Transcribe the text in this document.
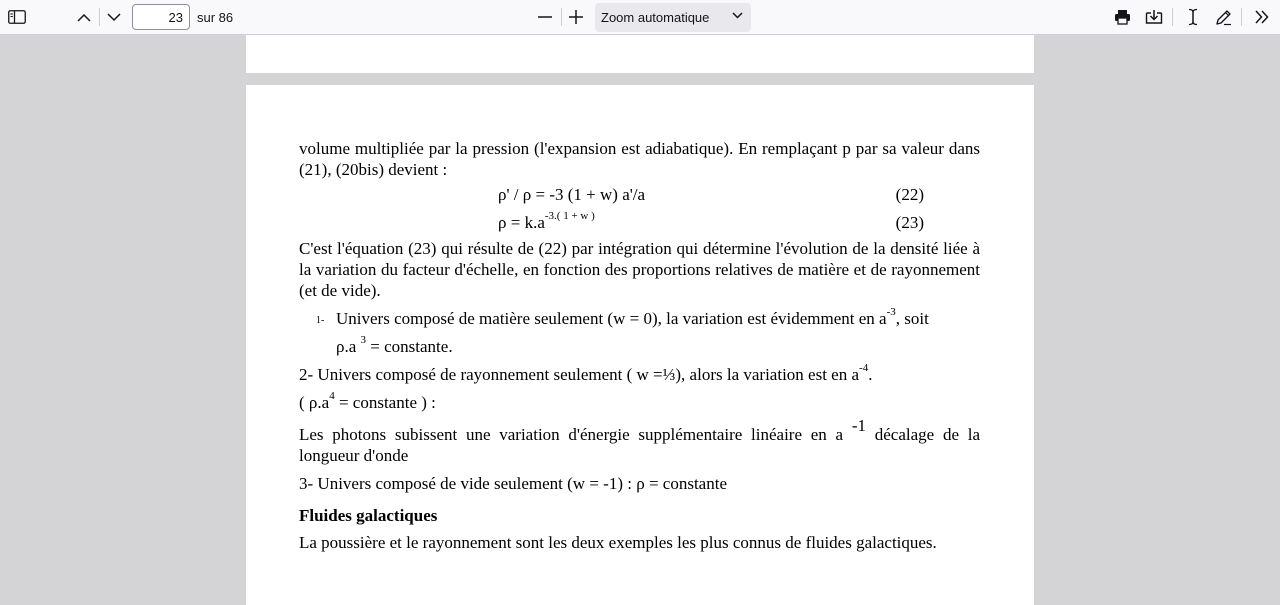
23
sur 86	Zoom automatique

volume multipliée par la pression (l'expansion est adiabatique). En remplaçant p par sa valeur dans (21), (20bis) devient :

ρ' / ρ = -3 (1 + w) a'/a	(22)
$\rho = k.a^{-3.( 1 + w )}$	(23)

C'est l'équation (23) qui résulte de (22) par intégration qui détermine l'évolution de la densité liée à la variation du facteur d'échelle, en fonction des proportions relatives de matière et de rayonnement (et de vide).

1- Univers composé de matière seulement (w = 0), la variation est évidemment en $a^{-3}$, soit
ρ.a $^3$ = constante.
2- Univers composé de rayonnement seulement ( w =⅓), alors la variation est en $a^{-4}$.
( $\rho.a^4$ = constante ) :

Les photons subissent une variation d'énergie supplémentaire linéaire en a $^{-1}$ décalage de la longueur d'onde

3- Univers composé de vide seulement (w = -1) : ρ = constante
Fluides galactiques

La poussière et le rayonnement sont les deux exemples les plus connus de fluides galactiques.
